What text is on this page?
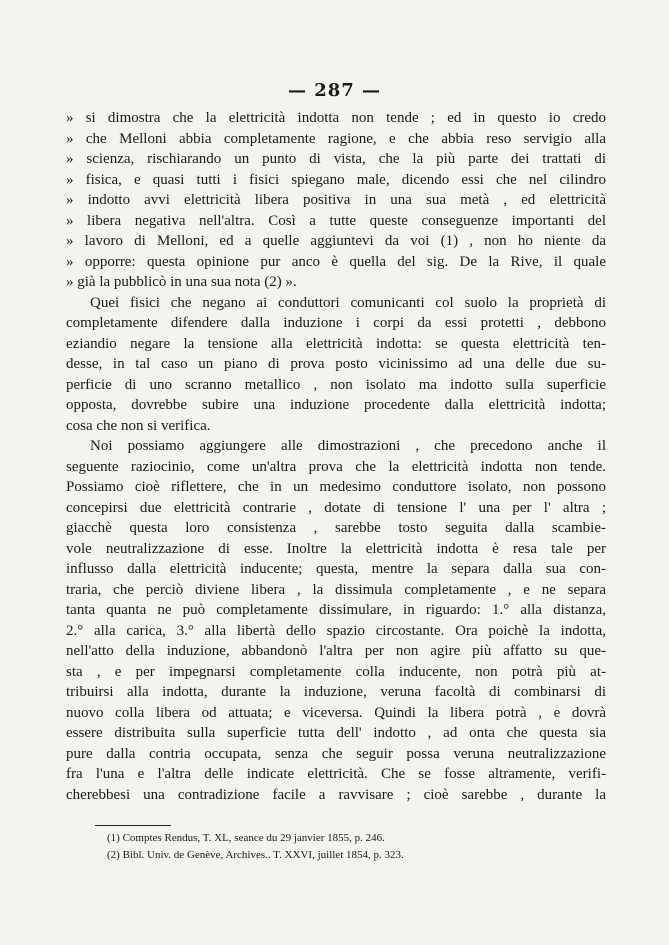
— 287 —
» si dimostra che la elettricità indotta non tende ; ed in questo io credo
» che Melloni abbia completamente ragione, e che abbia reso servigio alla
» scienza, rischiarando un punto di vista, che la più parte dei trattati di
» fisica, e quasi tutti i fisici spiegano male, dicendo essi che nel cilindro
» indotto avvi elettricità libera positiva in una sua metà , ed elettricità
» libera negativa nell'altra. Così a tutte queste conseguenze importanti del
» lavoro di Melloni, ed a quelle aggiuntevi da voi (1) , non ho niente da
» opporre: questa opinione pur anco è quella del sig. De la Rive, il quale
» già la pubblicò in una sua nota (2) ».
Quei fisici che negano ai conduttori comunicanti col suolo la proprietà di
completamente difendere dalla induzione i corpi da essi protetti , debbono
eziandio negare la tensione alla elettricità indotta: se questa elettricità ten-
desse, in tal caso un piano di prova posto vicinissimo ad una delle due su-
perficie di uno scranno metallico , non isolato ma indotto sulla superficie
opposta, dovrebbe subire una induzione procedente dalla elettricità indotta;
cosa che non si verifica.
Noi possiamo aggiungere alle dimostrazioni , che precedono anche il
seguente raziocinio, come un'altra prova che la elettricità indotta non tende.
Possiamo cioè riflettere, che in un medesimo conduttore isolato, non possono
concepirsi due elettricità contrarie , dotate di tensione l' una per l' altra ;
giacchè questa loro consistenza , sarebbe tosto seguita dalla scambie-
vole neutralizzazione di esse. Inoltre la elettricità indotta è resa tale per
influsso dalla elettricità inducente; questa, mentre la separa dalla sua con-
traria, che perciò diviene libera , la dissimula completamente , e ne separa
tanta quanta ne può completamente dissimulare, in riguardo: 1.° alla distanza,
2.° alla carica, 3.° alla libertà dello spazio circostante. Ora poichè la indotta,
nell'atto della induzione, abbandonò l'altra per non agire più affatto su que-
sta , e per impegnarsi completamente colla inducente, non potrà più at-
tribuirsi alla indotta, durante la induzione, veruna facoltà di combinarsi di
nuovo colla libera od attuata; e viceversa. Quindi la libera potrà , e dovrà
essere distribuita sulla superficie tutta dell' indotto , ad onta che questa sia
pure dalla contria occupata, senza che seguir possa veruna neutralizzazione
fra l'una e l'altra delle indicate elettricità. Che se fosse altramente, verifi-
cherebbesi una contradizione facile a ravvisare ; cioè sarebbe , durante la
(1) Comptes Rendus, T. XL, seance du 29 janvier 1855, p. 246.
(2) Bibl. Univ. de Genève, Archives.. T. XXVI, juillet 1854, p. 323.
